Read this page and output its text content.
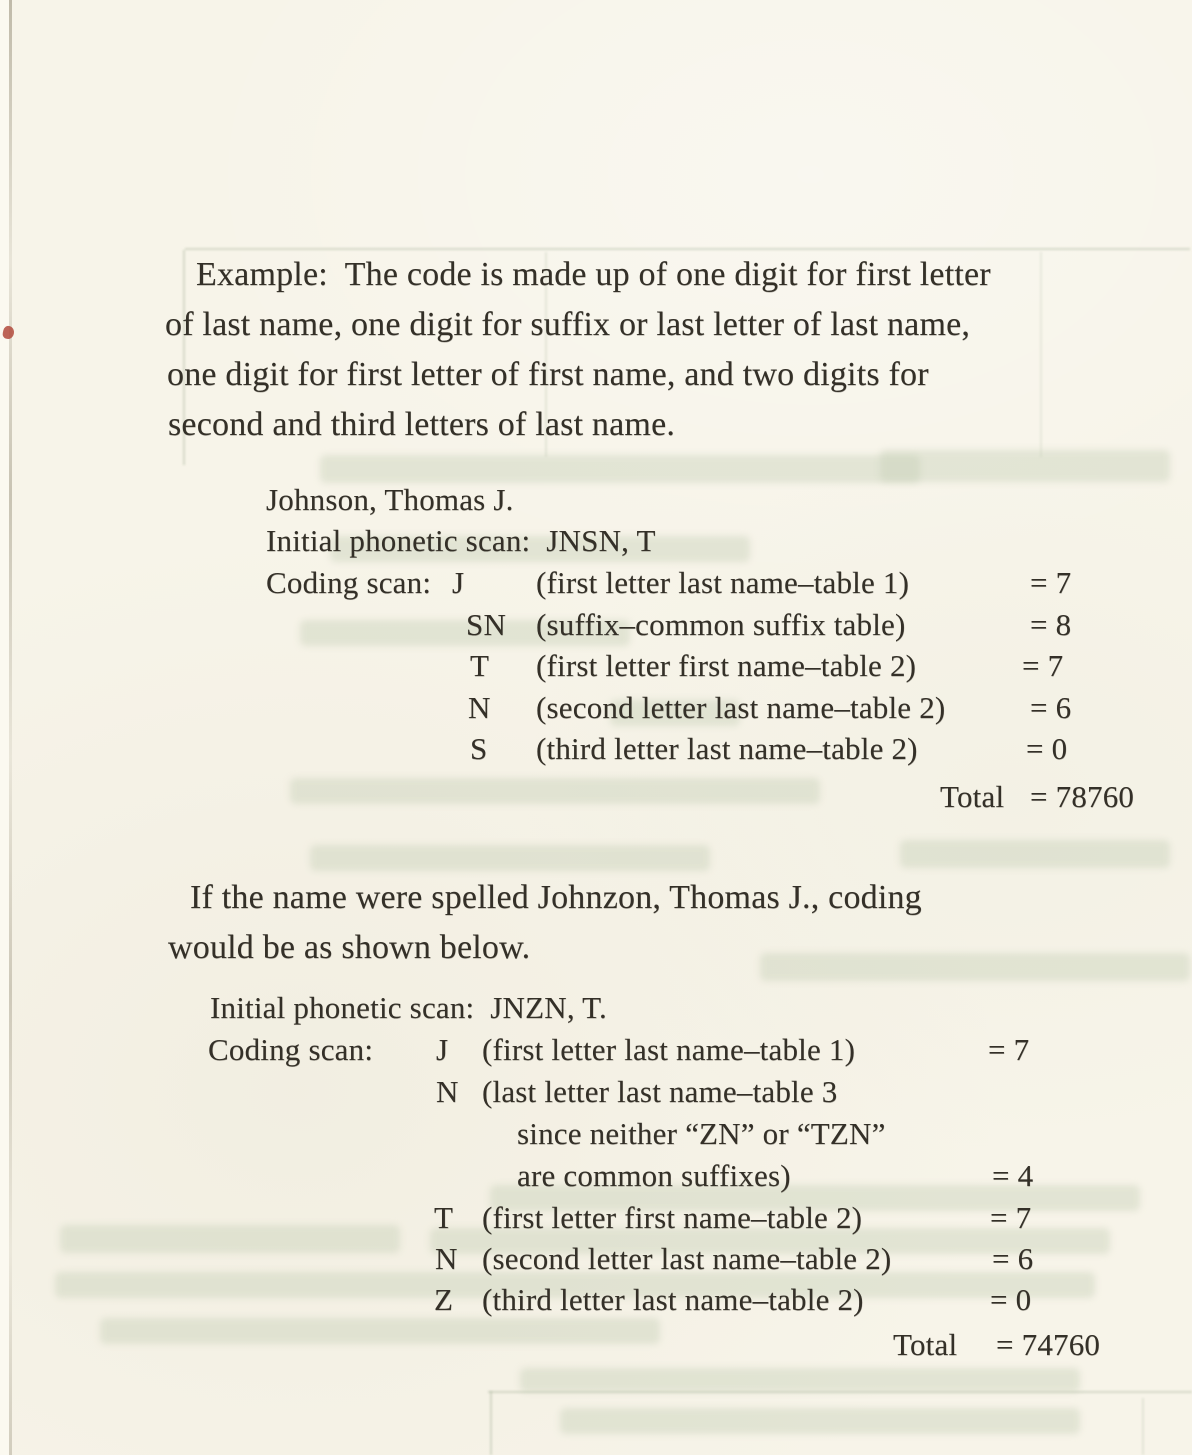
Example:  The code is made up of one digit for first letter
of last name, one digit for suffix or last letter of last name,
one digit for first letter of first name, and two digits for
second and third letters of last name.
Johnson, Thomas J.
Initial phonetic scan:  JNSN, T
Coding scan: J (first letter last name–table 1)	= 7
SN (suffix–common suffix table)	= 8
T (first letter first name–table 2)	= 7
N (second letter last name–table 2)	= 6
S (third letter last name–table 2)	= 0
Total = 78760
If the name were spelled Johnzon, Thomas J., coding
would be as shown below.
Initial phonetic scan:  JNZN, T.
Coding scan: J (first letter last name–table 1)	= 7
N (last letter last name–table 3
since neither “ZN” or “TZN”
are common suffixes)	= 4
T (first letter first name–table 2)	= 7
N (second letter last name–table 2)	= 6
Z (third letter last name–table 2)	= 0
Total = 74760
